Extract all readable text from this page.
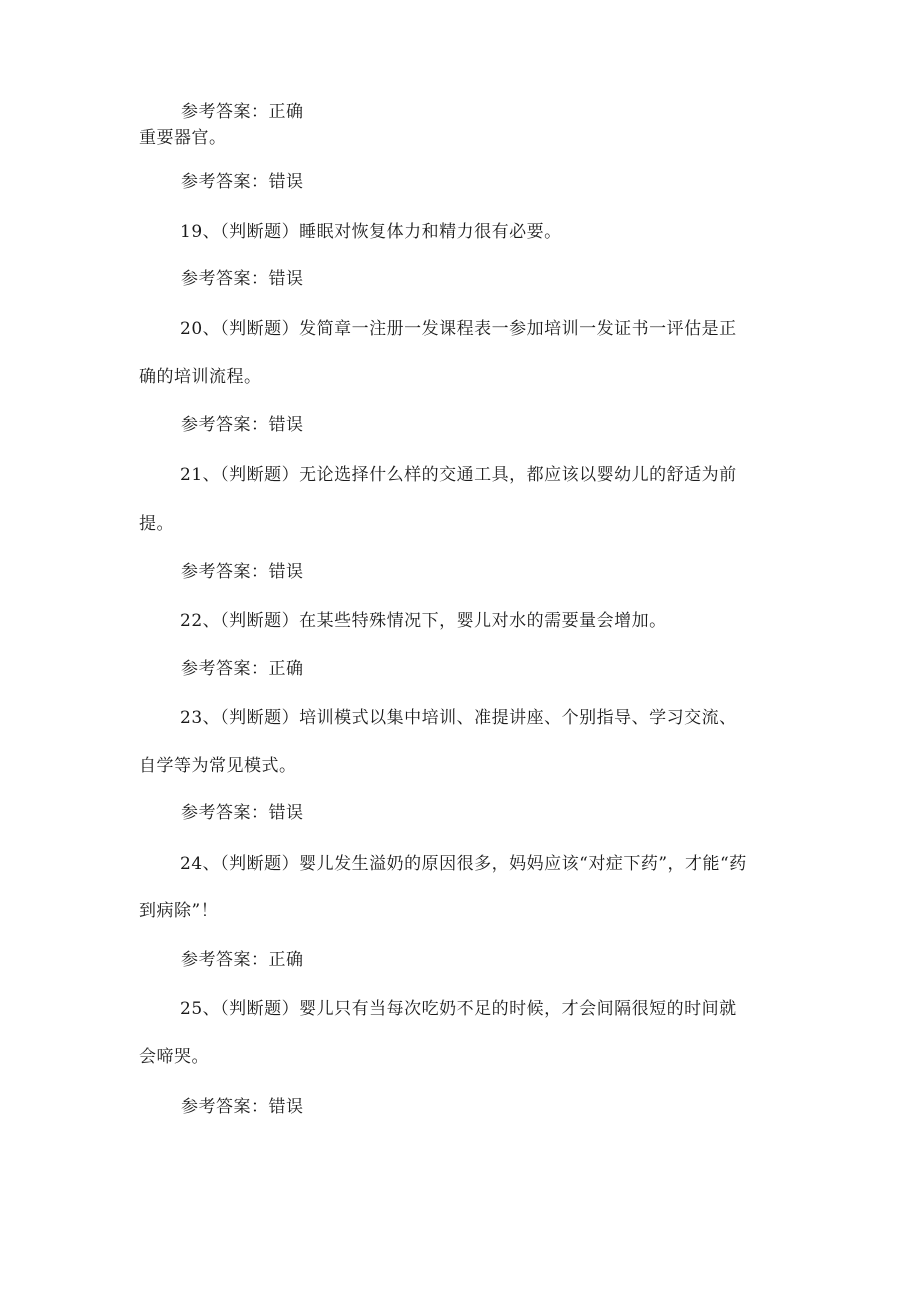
参考答案：正确
重要器官。
参考答案：错误
19、（判断题）睡眠对恢复体力和精力很有必要。
参考答案：错误
20、（判断题）发简章一注册一发课程表一参加培训一发证书一评估是正
确的培训流程。
参考答案：错误
21、（判断题）无论选择什么样的交通工具，都应该以婴幼儿的舒适为前
提。
参考答案：错误
22、（判断题）在某些特殊情况下，婴儿对水的需要量会增加。
参考答案：正确
23、（判断题）培训模式以集中培训、准提讲座、个别指导、学习交流、
自学等为常见模式。
参考答案：错误
24、（判断题）婴儿发生溢奶的原因很多，妈妈应该“对症下药”，才能“药
到病除”！
参考答案：正确
25、（判断题）婴儿只有当每次吃奶不足的时候，才会间隔很短的时间就
会啼哭。
参考答案：错误
